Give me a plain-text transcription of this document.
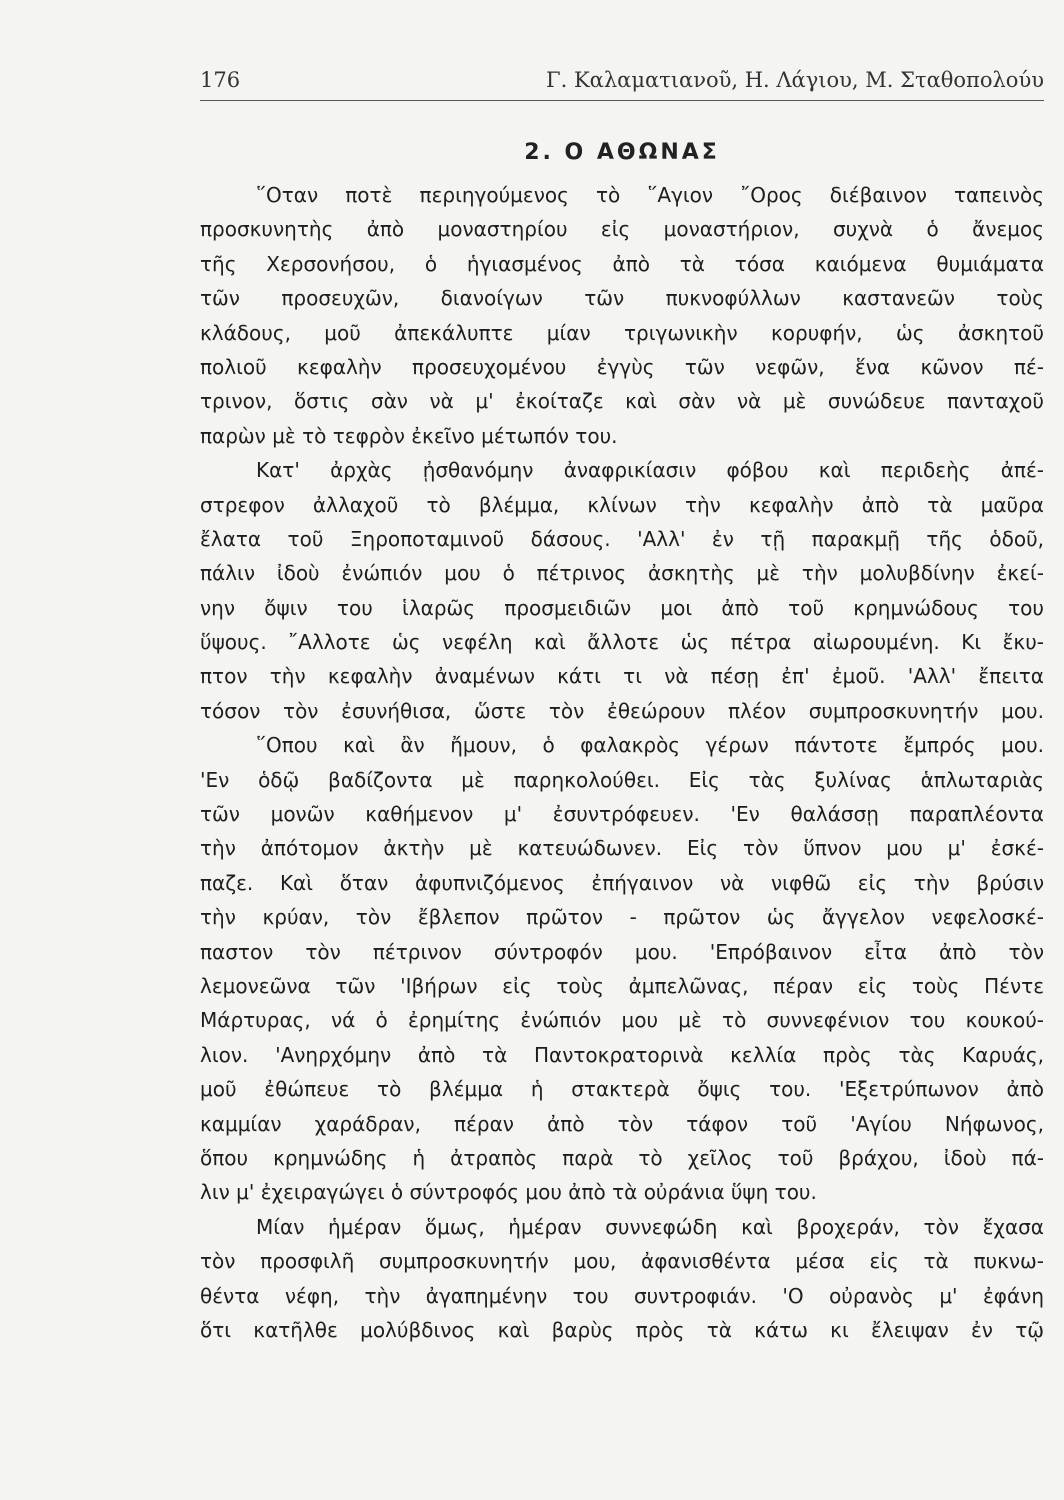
176	Γ. Καλαματιανοῦ, Η. Λάγιου, Μ. Σταθοπολούυ
2. Ο ΑΘΩΝΑΣ

῞Οταν ποτὲ περιηγούμενος τὸ ῞Αγιον ῎Ορος διέβαινον ταπεινὸς
προσκυνητὴς ἀπὸ μοναστηρίου εἰς μοναστήριον, συχνὰ ὁ ἄνεμος
τῆς Χερσονήσου, ὁ ἡγιασμένος ἀπὸ τὰ τόσα καιόμενα θυμιάματα
τῶν προσευχῶν, διανοίγων τῶν πυκνοφύλλων καστανεῶν τοὺς
κλάδους, μοῦ ἀπεκάλυπτε μίαν τριγωνικὴν κορυφήν, ὡς ἀσκητοῦ
πολιοῦ κεφαλὴν προσευχομένου ἐγγὺς τῶν νεφῶν, ἕνα κῶνον πέ-
τρινον, ὅστις σὰν νὰ μ' ἐκοίταζε καὶ σὰν νὰ μὲ συνώδευε πανταχοῦ
παρὼν μὲ τὸ τεφρὸν ἐκεῖνο μέτωπόν του.

Κατ' ἀρχὰς ᾐσθανόμην ἀναφρικίασιν φόβου καὶ περιδεὴς ἀπέ-
στρεφον ἀλλαχοῦ τὸ βλέμμα, κλίνων τὴν κεφαλὴν ἀπὸ τὰ μαῦρα
ἔλατα τοῦ Ξηροποταμινοῦ δάσους. 'Αλλ' ἐν τῇ παρακμῇ τῆς ὁδοῦ,
πάλιν ἰδοὺ ἐνώπιόν μου ὁ πέτρινος ἀσκητὴς μὲ τὴν μολυβδίνην ἐκεί-
νην ὄψιν του ἱλαρῶς προσμειδιῶν μοι ἀπὸ τοῦ κρημνώδους του
ὕψους. ῎Αλλοτε ὡς νεφέλη καὶ ἄλλοτε ὡς πέτρα αἰωρουμένη. Κι ἔκυ-
πτον τὴν κεφαλὴν ἀναμένων κάτι τι νὰ πέσῃ ἐπ' ἐμοῦ. 'Αλλ' ἔπειτα
τόσον τὸν ἐσυνήθισα, ὥστε τὸν ἐθεώρουν πλέον συμπροσκυνητήν μου.

῞Οπου καὶ ἂν ἤμουν, ὁ φαλακρὸς γέρων πάντοτε ἔμπρός μου.
'Εν ὁδῷ βαδίζοντα μὲ παρηκολούθει. Εἰς τὰς ξυλίνας ἁπλωταριὰς
τῶν μονῶν καθήμενον μ' ἐσυντρόφευεν. 'Εν θαλάσσῃ παραπλέοντα
τὴν ἀπότομον ἀκτὴν μὲ κατευώδωνεν. Εἰς τὸν ὕπνον μου μ' ἐσκέ-
παζε. Καὶ ὅταν ἀφυπνιζόμενος ἐπήγαινον νὰ νιφθῶ εἰς τὴν βρύσιν
τὴν κρύαν, τὸν ἔβλεπον πρῶτον - πρῶτον ὡς ἄγγελον νεφελοσκέ-
παστον τὸν πέτρινον σύντροφόν μου. 'Επρόβαινον εἶτα ἀπὸ τὸν
λεμονεῶνα τῶν 'Ιβήρων εἰς τοὺς ἀμπελῶνας, πέραν εἰς τοὺς Πέντε
Μάρτυρας, νά ὁ ἐρημίτης ἐνώπιόν μου μὲ τὸ συννεφένιον του κουκού-
λιον. 'Ανηρχόμην ἀπὸ τὰ Παντοκρατορινὰ κελλία πρὸς τὰς Καρυάς,
μοῦ ἐθώπευε τὸ βλέμμα ἡ στακτερὰ ὄψις του. 'Εξετρύπωνον ἀπὸ
καμμίαν χαράδραν, πέραν ἀπὸ τὸν τάφον τοῦ 'Αγίου Νήφωνος,
ὅπου κρημνώδης ἡ ἀτραπὸς παρὰ τὸ χεῖλος τοῦ βράχου, ἰδοὺ πά-
λιν μ' ἐχειραγώγει ὁ σύντροφός μου ἀπὸ τὰ οὐράνια ὕψη του.

Μίαν ἡμέραν ὅμως, ἡμέραν συννεφώδη καὶ βροχεράν, τὸν ἔχασα
τὸν προσφιλῆ συμπροσκυνητήν μου, ἀφανισθέντα μέσα εἰς τὰ πυκνω-
θέντα νέφη, τὴν ἀγαπημένην του συντροφιάν. 'Ο οὐρανὸς μ' ἐφάνη
ὅτι κατῆλθε μολύβδινος καὶ βαρὺς πρὸς τὰ κάτω κι ἔλειψαν ἐν τῷ
